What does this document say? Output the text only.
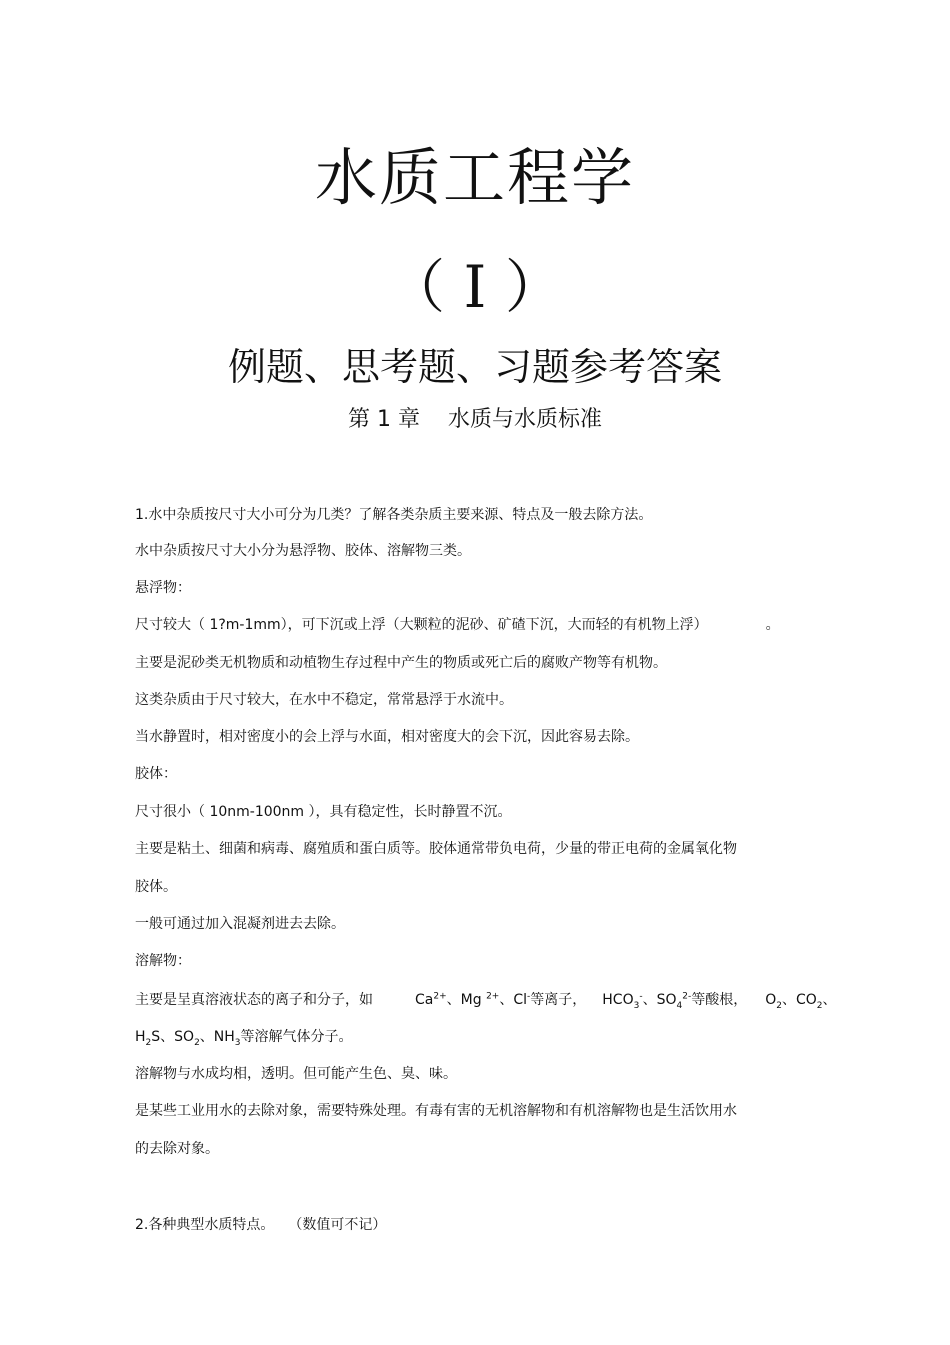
水质工程学
（ I ）
例题、思考题、习题参考答案
第 1 章 水质与水质标准
1.水中杂质按尺寸大小可分为几类？了解各类杂质主要来源、特点及一般去除方法。
水中杂质按尺寸大小分为悬浮物、胶体、溶解物三类。
悬浮物：
尺寸较大（ 1?m-1mm），可下沉或上浮（大颗粒的泥砂、矿碴下沉，大而轻的有机物上浮）	。
主要是泥砂类无机物质和动植物生存过程中产生的物质或死亡后的腐败产物等有机物。
这类杂质由于尺寸较大，在水中不稳定，常常悬浮于水流中。
当水静置时，相对密度小的会上浮与水面，相对密度大的会下沉，因此容易去除。
胶体：
尺寸很小（ 10nm-100nm ），具有稳定性，长时静置不沉。
主要是粘土、细菌和病毒、腐殖质和蛋白质等。胶体通常带负电荷，少量的带正电荷的金属氧化物
胶体。
一般可通过加入混凝剂进去去除。
溶解物：
主要是呈真溶液状态的离子和分子，如	$Ca^{2+}$、Mg $^{2+}$、Cl-等离子， $HCO_3^-$、$SO_4^{2-}$等酸根， $O_2$、$CO_2$、
$H_2S$、$SO_2$、$NH_3$等溶解气体分子。
溶解物与水成均相，透明。但可能产生色、臭、味。
是某些工业用水的去除对象，需要特殊处理。有毒有害的无机溶解物和有机溶解物也是生活饮用水
的去除对象。
2.各种典型水质特点。 （数值可不记）
